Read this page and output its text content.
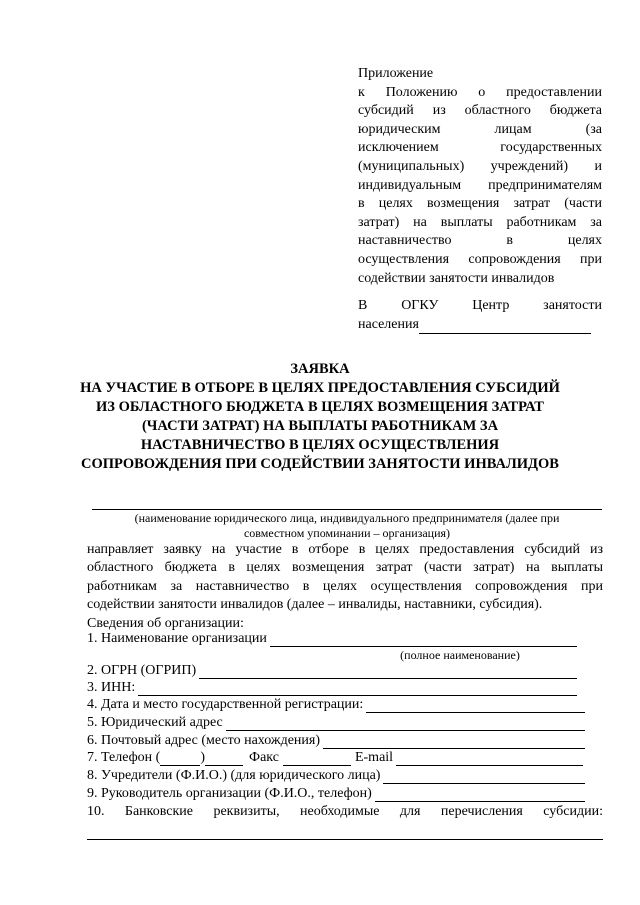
Приложение
к Положению о предоставлении
субсидий из областного бюджета
юридическим лицам (за
исключением государственных
(муниципальных) учреждений) и
индивидуальным предпринимателям
в целях возмещения затрат (части
затрат) на выплаты работникам за
наставничество в целях
осуществления сопровождения при
содействии занятости инвалидов
В ОГКУ Центр занятости
населения
ЗАЯВКА
НА УЧАСТИЕ В ОТБОРЕ В ЦЕЛЯХ ПРЕДОСТАВЛЕНИЯ СУБСИДИЙ
ИЗ ОБЛАСТНОГО БЮДЖЕТА В ЦЕЛЯХ ВОЗМЕЩЕНИЯ ЗАТРАТ
(ЧАСТИ ЗАТРАТ) НА ВЫПЛАТЫ РАБОТНИКАМ ЗА
НАСТАВНИЧЕСТВО В ЦЕЛЯХ ОСУЩЕСТВЛЕНИЯ
СОПРОВОЖДЕНИЯ ПРИ СОДЕЙСТВИИ ЗАНЯТОСТИ ИНВАЛИДОВ
(наименование юридического лица, индивидуального предпринимателя (далее при
совместном упоминании – организация)
направляет заявку на участие в отборе в целях предоставления субсидий из
областного бюджета в целях возмещения затрат (части затрат) на выплаты
работникам за наставничество в целях осуществления сопровождения при
содействии занятости инвалидов (далее – инвалиды, наставники, субсидия).
Сведения об организации:
1. Наименование организации
(полное наименование)
2. ОГРН (ОГРИП)
3. ИНН:
4. Дата и место государственной регистрации:
5. Юридический адрес
6. Почтовый адрес (место нахождения)
7. Телефон (	)	Факс	E-mail
8. Учредители (Ф.И.О.) (для юридического лица)
9. Руководитель организации (Ф.И.О., телефон)
10. Банковские реквизиты, необходимые для перечисления субсидии:
